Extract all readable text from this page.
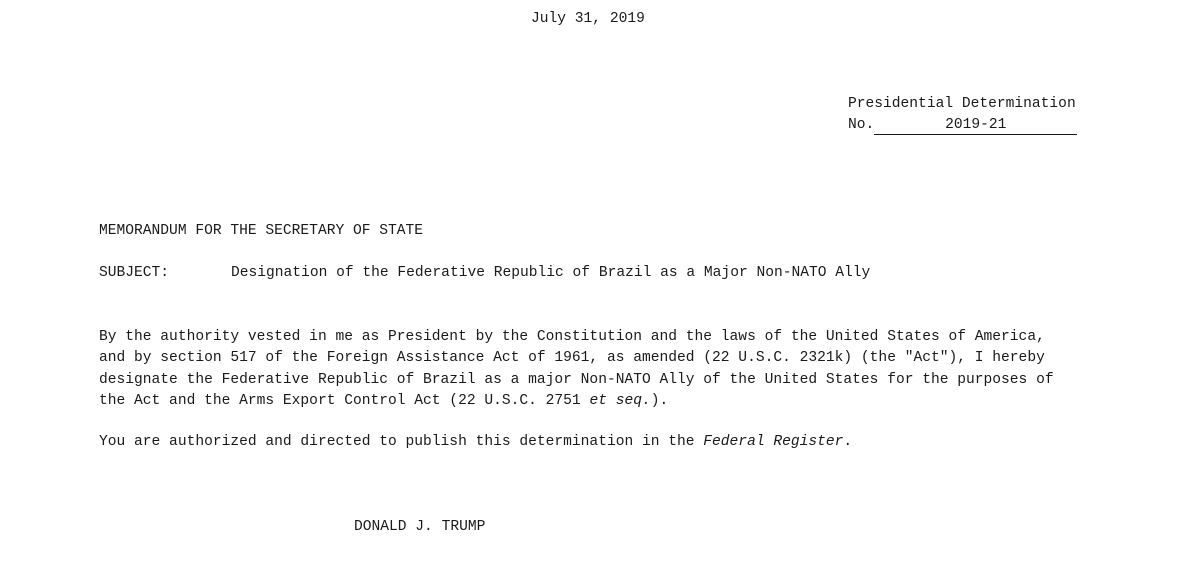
July 31, 2019
Presidential Determination
No.	2019-21
MEMORANDUM FOR THE SECRETARY OF STATE
SUBJECT:	Designation of the Federative Republic of Brazil as a Major Non-NATO Ally
By the authority vested in me as President by the Constitution and the laws of the United States of America,
and by section 517 of the Foreign Assistance Act of 1961, as amended (22 U.S.C. 2321k) (the "Act"), I hereby
designate the Federative Republic of Brazil as a major Non-NATO Ally of the United States for the purposes of
the Act and the Arms Export Control Act (22 U.S.C. 2751 et seq.).
You are authorized and directed to publish this determination in the Federal Register.
DONALD J. TRUMP
